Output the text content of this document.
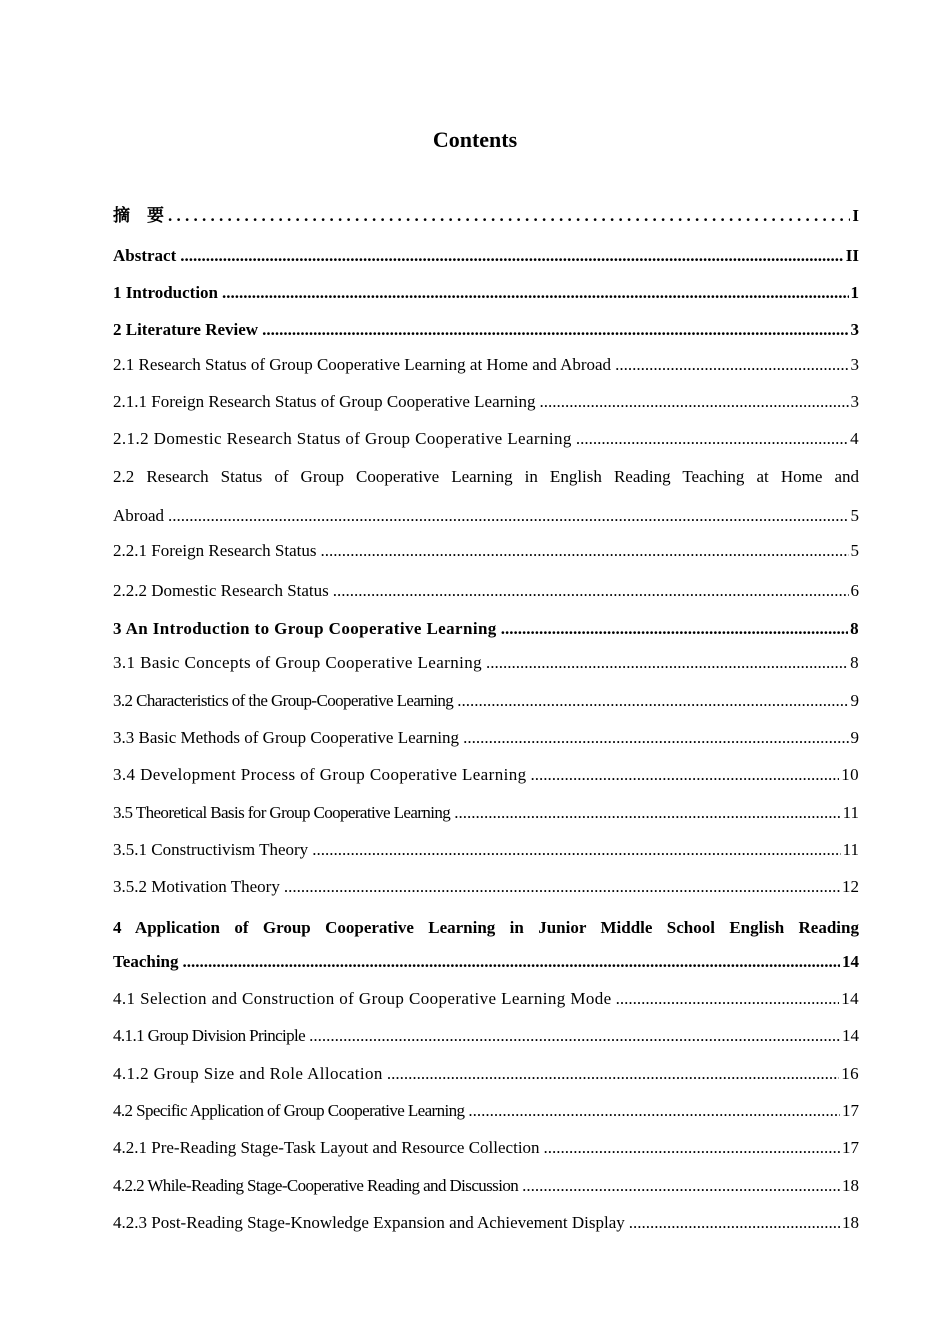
Contents
摘　要 . . .	I
Abstract .....	II
1 Introduction .....	1
2 Literature Review .....	3
2.1 Research Status of Group Cooperative Learning at Home and Abroad .....	3
2.1.1 Foreign Research Status of Group Cooperative Learning .....	3
2.1.2 Domestic Research Status of Group Cooperative Learning .....	4
2.2 Research Status of Group Cooperative Learning in English Reading Teaching at Home and
Abroad .....	5
2.2.1 Foreign Research Status .....	5
2.2.2 Domestic Research Status .....	6
3 An Introduction to Group Cooperative Learning .....	8
3.1 Basic Concepts of Group Cooperative Learning .....	8
3.2 Characteristics of the Group-Cooperative Learning .....	9
3.3 Basic Methods of Group Cooperative Learning .....	9
3.4 Development Process of Group Cooperative Learning .....	10
3.5 Theoretical Basis for Group Cooperative Learning .....	11
3.5.1 Constructivism Theory .....	11
3.5.2 Motivation Theory .....	12
4 Application of Group Cooperative Learning in Junior Middle School English Reading
Teaching .....	14
4.1 Selection and Construction of Group Cooperative Learning Mode .....	14
4.1.1 Group Division Principle .....	14
4.1.2 Group Size and Role Allocation .....	16
4.2 Specific Application of Group Cooperative Learning .....	17
4.2.1 Pre-Reading Stage-Task Layout and Resource Collection .....	17
4.2.2 While-Reading Stage-Cooperative Reading and Discussion .....	18
4.2.3 Post-Reading Stage-Knowledge Expansion and Achievement Display .....	18
